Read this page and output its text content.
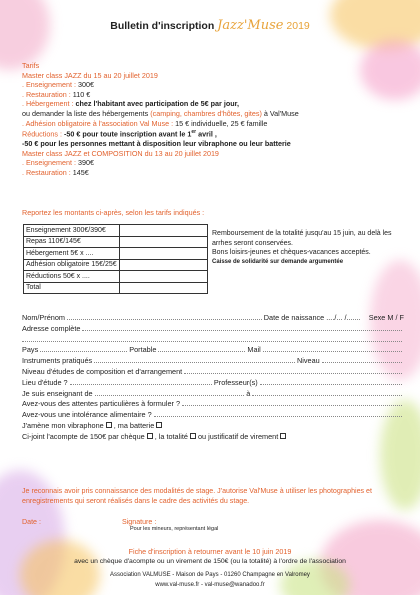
Bulletin d'inscription Jazz'Muse 2019
Tarifs
Master class JAZZ du 15 au 20 juillet 2019
. Enseignement : 300€
. Restauration : 110 €
. Hébergement : chez l'habitant avec participation de 5€ par jour,
ou demander la liste des hébergements (camping, chambres d'hôtes, gites) à Val'Muse
. Adhésion obligatoire à l'association Val Muse : 15 € individuelle, 25 € famille
Réductions : -50 € pour toute inscription avant le 1er avril ,
-50 € pour les personnes mettant à disposition leur vibraphone ou leur batterie
Master class JAZZ et COMPOSITION du 13 au 20 juillet 2019
. Enseignement : 390€
. Restauration : 145€
Reportez les montants ci-après, selon les tarifs indiqués :
Enseignement 300€/390€	
Repas 110€/145€	
Hébergement 5€ x ....	
Adhésion obligatoire 15€/25€	
Réductions 50€ x ....	
Total	
Remboursement de la totalité jusqu'au 15 juin, au delà les arrhes seront conservées.
Bons loisirs-jeunes et chèques-vacances acceptés.
Caisse de solidarité sur demande argumentée
Nom/Prénom	Date de naissance ..../... /....... Sexe M / F
Adresse complète
Pays	Portable	Mail
Instruments pratiqués	Niveau
Niveau d'études de composition et d'arrangement
Lieu d'étude ?	Professeur(s)
Je suis enseignant de	à
Avez-vous des attentes particulières à formuler ?
Avez-vous une intolérance alimentaire ?
J'amène mon vibraphone , ma batterie
Ci-joint l'acompte de 150€ par chèque , la totalité ou justificatif de virement
Je reconnais avoir pris connaissance des modalités de stage. J'autorise Val'Muse à utiliser les photographies et enregistrements qui seront réalisés dans le cadre des activités du stage.
Date :	Signature :
Pour les mineurs, représentant légal
Fiche d'inscription à retourner avant le 10 juin 2019
avec un chèque d'acompte ou un virement de 150€ (ou la totalité) à l'ordre de l'association
Association VALMUSE - Maison de Pays - 01260 Champagne en Valromey
www.val-muse.fr - val-muse@wanadoo.fr
